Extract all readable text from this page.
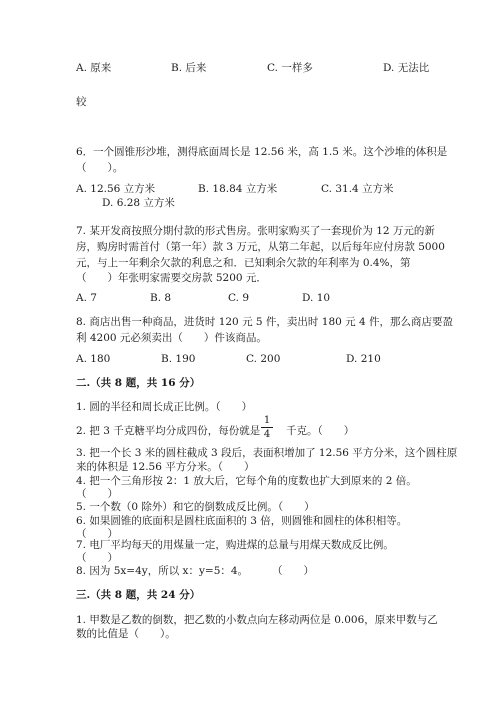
A. 原来	B. 后来	C. 一样多	D. 无法比
较
6．一个圆锥形沙堆，测得底面周长是 12.56 米，高 1.5 米。这个沙堆的体积是
（　　）。
A. 12.56 立方米	B. 18.84 立方米	C. 31.4 立方米
D. 6.28 立方米
7. 某开发商按照分期付款的形式售房。张明家购买了一套现价为 12 万元的新
房，购房时需首付（第一年）款 3 万元，从第二年起，以后每年应付房款 5000
元，与上一年剩余欠款的利息之和．已知剩余欠款的年利率为 0.4%，第
（　　）年张明家需要交房款 5200 元．
A. 7	B. 8	C. 9	D. 10
8. 商店出售一种商品，进货时 120 元 5 件，卖出时 180 元 4 件，那么商店要盈
利 4200 元必须卖出（　　）件该商品。
A. 180	B. 190	C. 200	D. 210
二.（共 8 题，共 16 分）
1. 圆的半径和周长成正比例。（　　）
2. 把 3 千克糖平均分成四份，每份就是
1
4 千克。（　　）
3. 把一个长 3 米的圆柱截成 3 段后，表面积增加了 12.56 平方分米，这个圆柱原
来的体积是 12.56 平方分米。（　　）
4. 把一个三角形按 2：1 放大后，它每个角的度数也扩大到原来的 2 倍。
（　　）
5. 一个数（0 除外）和它的倒数成反比例。（　　）
6. 如果圆锥的底面积是圆柱底面积的 3 倍，则圆锥和圆柱的体积相等。
（　　）
7. 电厂平均每天的用煤量一定，购进煤的总量与用煤天数成反比例。
（　　）
8. 因为 5x=4y，所以 x：y=5：4。 （　　）
三.（共 8 题，共 24 分）
1. 甲数是乙数的倒数，把乙数的小数点向左移动两位是 0.006，原来甲数与乙
数的比值是（　　）。
